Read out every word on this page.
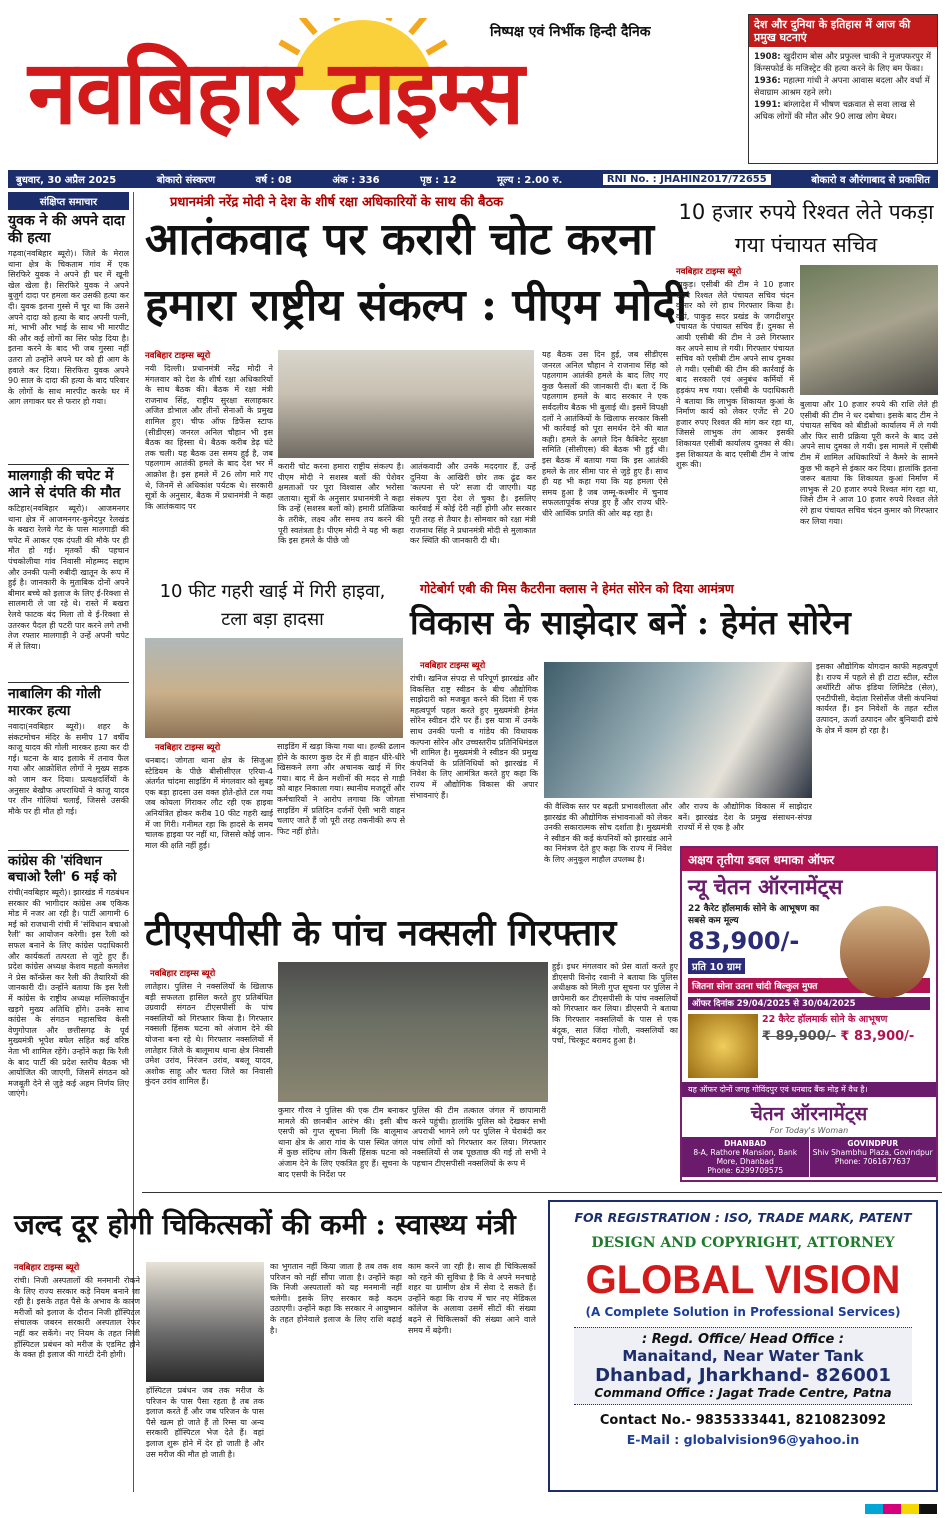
नवबिहार टाइम्स
निष्पक्ष एवं निर्भीक हिन्दी दैनिक	देश और दुनिया के इतिहास में आज की प्रमुख घटनाएं
1908: खुदीराम बोस और प्रफुल्ल चाकी ने मुजफ्फरपुर में किंग्सफोर्ड के मजिस्ट्रेट की हत्या करने के लिए बम फेंका।
1936: महात्मा गांधी ने अपना आवास बदला और वर्धा में सेवाग्राम आश्रम रहने लगे।
1991: बांग्लादेश में भीषण चक्रवात से सवा लाख से अधिक लोगों की मौत और 90 लाख लोग बेघर।
बुधवार, 30 अप्रैल 2025	बोकारो संस्करण	वर्ष : 08	अंक : 336	पृष्ठ : 12	मूल्य : 2.00 रु.	RNI No. : JHAHIN2017/72655	बोकारो व औरंगाबाद से प्रकाशित
संक्षिप्त समाचार
युवक ने की अपने दादा की हत्या
गढ़वा(नवबिहार ब्यूरो)। जिले के मेराल थाना क्षेत्र के चिकताम गांव में एक सिरफिरे युवक ने अपने ही घर में खूनी खेल खेला है। सिरफिरे युवक ने अपने बुजुर्ग दादा पर हमला कर उसकी हत्या कर दी। युवक इतना गुस्से में चूर था कि उसने अपने दादा को हत्या के बाद अपनी पत्नी, मां, भाभी और भाई के साथ भी मारपीट की और कई लोगों का सिर फोड़ दिया है। इतना करने के बाद भी जब गुस्सा नहीं उतरा तो उन्होंने अपने घर को ही आग के हवाले कर दिया। सिरफिरा युवक अपने 90 साल के दादा की हत्या के बाद परिवार के लोगों के साथ मारपीट करके घर में आग लगाकर घर से फरार हो गया।
मालगाड़ी की चपेट में आने से दंपति की मौत
कटिहार(नवबिहार ब्यूरो)। आजमनगर थाना क्षेत्र में आजमनगर-कुमेदपुर रेलखंड के बखरा रेलवे गेट के पास मालगाड़ी की चपेट में आकर एक दंपती की मौके पर ही मौत हो गई। मृतकों की पहचान पंचकोलीया गांव निवासी मोहम्मद सद्दाम और उनकी पत्नी रुबीदी खातून के रूप में हुई है। जानकारी के मुताबिक दोनों अपने बीमार बच्चे को इलाज के लिए ई-रिक्शा से सालमारी ले जा रहे थे। रास्ते में बखरा रेलवे फाटक बंद मिला तो वे ई-रिक्शा से उतरकर पैदल ही पटरी पार करने लगे तभी तेज रफ्तार मालगाड़ी ने उन्हें अपनी चपेट में ले लिया।
नाबालिग की गोली मारकर हत्या
नवादा(नवबिहार ब्यूरो)। शहर के संकटमोचन मंदिर के समीप 17 वर्षीय काजू यादव की गोली मारकर हत्या कर दी गई। घटना के बाद इलाके में तनाव फैल गया और आक्रोशित लोगों ने मुख्य सड़क को जाम कर दिया। प्रत्यक्षदर्शियों के अनुसार बेखौफ अपराधियों ने काजू यादव पर तीन गोलियां चलाईं, जिससे उसकी मौके पर ही मौत हो गई।
कांग्रेस की 'संविधान बचाओ रैली' 6 मई को
रांची(नवबिहार ब्यूरो)। झारखंड में गठबंधन सरकार की भागीदार कांग्रेस अब एकिक मोड में नजर आ रही है। पार्टी आगामी 6 मई को राजधानी रांची में 'संविधान बचाओ रैली' का आयोजन करेगी। इस रैली को सफल बनाने के लिए कांग्रेस पदाधिकारी और कार्यकर्ता तत्परता से जुटे हुए हैं। प्रदेश कांग्रेस अध्यक्ष केशव महतो कमलेश ने प्रेस कॉन्फ्रेंस कर रैली की तैयारियों की जानकारी दी। उन्होंने बताया कि इस रैली में कांग्रेस के राष्ट्रीय अध्यक्ष मल्लिकार्जुन खड़गे मुख्य अतिथि होंगे। उनके साथ कांग्रेस के संगठन महासचिव केसी वेणुगोपाल और छत्तीसगढ़ के पूर्व मुख्यमंत्री भूपेश बघेल सहित कई वरिष्ठ नेता भी शामिल रहेंगे। उन्होंने कहा कि रैली के बाद पार्टी की प्रदेश स्तरीय बैठक भी आयोजित की जाएगी, जिसमें संगठन को मजबूती देने से जुड़े कई अहम निर्णय लिए जाएंगे।
प्रधानमंत्री नरेंद्र मोदी ने देश के शीर्ष रक्षा अधिकारियों के साथ की बैठक
आतंकवाद पर करारी चोट करना
हमारा राष्ट्रीय संकल्प : पीएम मोदी
नवबिहार टाइम्स ब्यूरो
नयी दिल्ली। प्रधानमंत्री नरेंद्र मोदी ने मंगलवार को देश के शीर्ष रक्षा अधिकारियों के साथ बैठक की। बैठक में रक्षा मंत्री राजनाथ सिंह, राष्ट्रीय सुरक्षा सलाहकार अजित डोभाल और तीनों सेनाओं के प्रमुख शामिल हुए। चीफ ऑफ डिफेंस स्टाफ (सीडीएस) जनरल अनिल चौहान भी इस बैठक का हिस्सा थे। बैठक करीब डेढ़ घंटे तक चली। यह बैठक उस समय हुई है, जब पहलगाम आतंकी हमले के बाद देश भर में आक्रोश है। इस हमले में 26 लोग मारे गए थे, जिनमें से अधिकांश पर्यटक थे। सरकारी सूत्रों के अनुसार, बैठक में प्रधानमंत्री ने कहा कि आतंकवाद पर
करारी चोट करना हमारा राष्ट्रीय संकल्प है। पीएम मोदी ने सशस्त्र बलों की पेशेवर क्षमताओं पर पूरा विश्वास और भरोसा जताया। सूत्रों के अनुसार प्रधानमंत्री ने कहा कि उन्हें (सशस्त्र बलों को) हमारी प्रतिक्रिया के तरीके, लक्ष्य और समय तय करने की पूरी स्वतंत्रता है। पीएम मोदी ने यह भी कहा कि इस हमले के पीछे जो
आतंकवादी और उनके मददगार हैं, उन्हें दुनिया के आखिरी छोर तक ढूंढ कर 'कल्पना से परे' सजा दी जाएगी। यह संकल्प पूरा देश ले चुका है। इसलिए कार्रवाई में कोई देरी नहीं होगी और सरकार पूरी तरह से तैयार है। सोमवार को रक्षा मंत्री राजनाथ सिंह ने प्रधानमंत्री मोदी से मुलाकात कर स्थिति की जानकारी दी थी।
यह बैठक उस दिन हुई, जब सीडीएस जनरल अनिल चौहान ने राजनाथ सिंह को पहलगाम आतंकी हमले के बाद लिए गए कुछ फैसलों की जानकारी दी। बता दें कि पहलगाम हमले के बाद सरकार ने एक सर्वदलीय बैठक भी बुलाई थी। इसमें विपक्षी दलों ने आतंकियों के खिलाफ सरकार किसी भी कार्रवाई को पूरा समर्थन देने की बात कही। हमले के अगले दिन कैबिनेट सुरक्षा समिति (सीसीएस) की बैठक भी हुई थी। इस बैठक में बताया गया कि इस आतंकी हमले के तार सीमा पार से जुड़े हुए हैं। साथ ही यह भी कहा गया कि यह हमला ऐसे समय हुआ है जब जम्मू-कश्मीर में चुनाव सफलतापूर्वक संपन्न हुए हैं और राज्य धीरे-धीरे आर्थिक प्रगति की ओर बढ़ रहा है।
10 हजार रुपये रिश्वत लेते पकड़ा गया पंचायत सचिव
नवबिहार टाइम्स ब्यूरो
पाकुड़। एसीबी की टीम ने 10 हजार रुपये रिश्वत लेते पंचायत सचिव चंदन कुमार को रंगे हाथ गिरफ्तार किया है। वहां, पाकुड़ सदर प्रखंड के जगदीशपुर पंचायत के पंचायत सचिव हैं। दुमका से आयी एसीबी की टीम ने उसे गिरफ्तार कर अपने साथ ले गयी। गिरफ्तार पंचायत सचिव को एसीबी टीम अपने साथ दुमका ले गयी। एसीबी की टीम की कार्रवाई के बाद सरकारी एवं अनुबंध कर्मियों में हड़कंप मच गया। एसीबी के पदाधिकारी ने बताया कि लाभुक शिकायत कुआं के निर्माण कार्य को लेकर एजेंट से 20 हजार रुपए रिश्वत की मांग कर रहा था, जिससे लाभुक तंग आकर इसकी शिकायत एसीबी कार्यालय दुमका से की। इस शिकायत के बाद एसीबी टीम ने जांच शुरू की।
बुलाया और 10 हजार रुपये की राशि लेते ही एसीबी की टीम ने धर दबोचा। इसके बाद टीम ने पंचायत सचिव को बीडीओ कार्यालय में ले गयी और फिर सारी प्रक्रिया पूरी करने के बाद उसे अपने साथ दुमका ले गयी। इस मामले में एसीबी टीम में शामिल अधिकारियों ने कैमरे के सामने कुछ भी कहने से इंकार कर दिया। हालांकि इतना जरूर बताया कि शिकायत कुआं निर्माण में लाभुक से 20 हजार रुपये रिश्वत मांग रहा था, जिसे टीम ने आज 10 हजार रुपये रिश्वत लेते रंगे हाथ पंचायत सचिव चंदन कुमार को गिरफ्तार कर लिया गया।
10 फीट गहरी खाई में गिरी हाइवा, टला बड़ा हादसा
नवबिहार टाइम्स ब्यूरो
धनबाद। जोगता थाना क्षेत्र के सिजुआ स्टेडियम के पीछे बीसीसीएल एरिया-4 अंतर्गत चांदमा साइडिंग में मंगलवार को सुबह एक बड़ा हादसा उस वक्त होते-होते टल गया जब कोयला गिराकर लौट रही एक हाइवा अनियंत्रित होकर करीब 10 फीट गहरी खाई में जा गिरी। गनीमत रहा कि हादसे के समय चालक हाइवा पर नहीं था, जिससे कोई जान-माल की क्षति नहीं हुई।
साइडिंग में खड़ा किया गया था। हल्की ढलान होने के कारण कुछ देर में ही वाहन धीरे-धीरे खिसकने लगा और अचानक खाई में गिर गया। बाद में क्रेन मशीनों की मदद से गाड़ी को बाहर निकाला गया। स्थानीय मजदूरों और कर्मचारियों ने आरोप लगाया कि जोगता साइडिंग में प्रतिदिन दर्जनों ऐसी भारी वाहन चलाए जाते हैं जो पूरी तरह तकनीकी रूप से फिट नहीं होते।
गोटेबोर्ग एबी की मिस कैटरीना क्लास ने हेमंत सोरेन को दिया आमंत्रण
विकास के साझेदार बनें : हेमंत सोरेन
नवबिहार टाइम्स ब्यूरो
रांची। खनिज संपदा से परिपूर्ण झारखंड और विकसित राष्ट्र स्वीडन के बीच औद्योगिक साझेदारी को मजबूत करने की दिशा में एक महत्वपूर्ण पहल करते हुए मुख्यमंत्री हेमंत सोरेन स्वीडन दौरे पर हैं। इस यात्रा में उनके साथ उनकी पत्नी व गांडेय की विधायक कल्पना सोरेन और उच्चस्तरीय प्रतिनिधिमंडल भी शामिल है। मुख्यमंत्री ने स्वीडन की प्रमुख कंपनियों के प्रतिनिधियों को झारखंड में निवेश के लिए आमंत्रित करते हुए कहा कि राज्य में औद्योगिक विकास की अपार संभावनाएं हैं।
की वैश्विक स्तर पर बढ़ती प्रभावशीलता और झारखंड की औद्योगिक संभावनाओं को लेकर उनकी सकारात्मक सोच दर्शाता है। मुख्यमंत्री ने स्वीडन की कई कंपनियों को झारखंड आने का निमंत्रण देते हुए कहा कि राज्य में निवेश के लिए अनुकूल माहौल उपलब्ध है।
और राज्य के औद्योगिक विकास में साझेदार बनें। झारखंड देश के प्रमुख संसाधन-संपन्न राज्यों में से एक है और
इसका औद्योगिक योगदान काफी महत्वपूर्ण है। राज्य में पहले से ही टाटा स्टील, स्टील अथॉरिटी ऑफ इंडिया लिमिटेड (सेल), एनटीपीसी, वेदांता रिसोर्सेज जैसी कंपनियां कार्यरत हैं। इन निवेशों के तहत स्टील उत्पादन, ऊर्जा उत्पादन और बुनियादी ढांचे के क्षेत्र में काम हो रहा है।
टीएसपीसी के पांच नक्सली गिरफ्तार
नवबिहार टाइम्स ब्यूरो
लातेहार। पुलिस ने नक्सलियों के खिलाफ बड़ी सफलता हासिल करते हुए प्रतिबंधित उग्रवादी संगठन टीएसपीसी के पांच नक्सलियों को गिरफ्तार किया है। गिरफ्तार नक्सली हिंसक घटना को अंजाम देने की योजना बना रहे थे। गिरफ्तार नक्सलियों में लातेहार जिले के बालूमाथ थाना क्षेत्र निवासी उमेश उरांव, निरंजन उरांव, बबलू यादव, अशोक साहू और चतरा जिले का निवासी कुंदन उरांव शामिल हैं।
कुमार गौरव ने पुलिस की एक टीम बनाकर मामले की छानबीन आरंभ की। इसी बीच एसपी को गुप्त सूचना मिली कि बालूमाथ थाना क्षेत्र के आरा गांव के पास स्थित जंगल में कुछ संदिग्ध लोग किसी हिंसक घटना को अंजाम देने के लिए एकत्रित हुए हैं। सूचना के बाद एसपी के निर्देश पर
पुलिस की टीम तत्काल जंगल में छापामारी करने पहुंची। हालांकि पुलिस को देखकर सभी अपराधी भागने लगे पर पुलिस ने घेराबंदी कर पांच लोगों को गिरफ्तार कर लिया। गिरफ्तार नक्सलियों से जब पूछताछ की गई तो सभी ने पहचान टीएसपीसी नक्सलियों के रूप में
हुई। इधर मंगलवार को प्रेस वार्ता करते हुए डीएसपी विनोद रवानी ने बताया कि पुलिस अधीक्षक को मिली गुप्त सूचना पर पुलिस ने छापेमारी कर टीएसपीसी के पांच नक्सलियों को गिरफ्तार कर लिया। डीएसपी ने बताया कि गिरफ्तार नक्सलियों के पास से एक बंदूक, सात जिंदा गोली, नक्सलियों का पर्चा, चिरकूट बरामद हुआ है।
अक्षय तृतीया डबल धमाका ऑफर
न्यू चेतन ऑरनामेंट्स
22 कैरेट हॉलमार्क सोने के आभूषण का सबसे कम मूल्य
83,900/-
प्रति 10 ग्राम
जितना सोना उतना चांदी बिल्कुल मुफ्त
ऑफर दिनांक 29/04/2025 से 30/04/2025
22 कैरेट हॉलमार्क सोने के आभूषण
₹ 89,900/- ₹ 83,900/-
यह ऑफर दोनों जगह गोविंदपुर एवं धनबाद बैंक मोड़ में वैध है।
चेतन ऑरनामेंट्स
For Today's Woman
DHANBAD
8-A, Rathore Mansion, Bank More, Dhanbad
Phone: 6299709575
GOVINDPUR
Shiv Shambhu Plaza, Govindpur
Phone: 7061677637
जल्द दूर होगी चिकित्सकों की कमी : स्वास्थ्य मंत्री
नवबिहार टाइम्स ब्यूरो
रांची। निजी अस्पतालों की मनमानी रोकने के लिए राज्य सरकार कड़े नियम बनाने जा रही है। इसके तहत पैसे के अभाव के कारण मरीजों को इलाज के दौरान निजी हॉस्पिटल संचालक जबरन सरकारी अस्पताल रेफर नहीं कर सकेंगे। नए नियम के तहत निजी हॉस्पिटल प्रबंधन को मरीज के एडमिट होने के वक्त ही इलाज की गारंटी देनी होगी।
हॉस्पिटल प्रबंधन जब तक मरीज के परिजन के पास पैसा रहता है तब तक इलाज करते हैं और जब परिजन के पास पैसे खत्म हो जाते हैं तो रिम्स या अन्य सरकारी हॉस्पिटल भेज देते हैं। वहां इलाज शुरू होने में देर हो जाती है और उस मरीज की मौत हो जाती है।
का भुगतान नहीं किया जाता है तब तक शव परिजन को नहीं सौंपा जाता है। उन्होंने कहा कि निजी अस्पतालों को यह मनमानी नहीं चलेगी। इसके लिए सरकार कड़े कदम उठाएगी। उन्होंने कहा कि सरकार ने आयुष्मान के तहत होनेवाले इलाज के लिए राशि बढ़ाई है।
काम करने जा रही है। साथ ही चिकित्सकों को रहने की सुविधा है कि वे अपने मनचाहे शहर या ग्रामीण क्षेत्र में सेवा दे सकते हैं। उन्होंने कहा कि राज्य में चार नए मेडिकल कॉलेज के अलावा उसमें सीटों की संख्या बढ़ने से चिकित्सकों की संख्या आने वाले समय में बढ़ेगी।
FOR REGISTRATION : ISO, TRADE MARK, PATENT
DESIGN AND COPYRIGHT, ATTORNEY
GLOBAL VISION
(A Complete Solution in Professional Services)
: Regd. Office/ Head Office :
Manaitand, Near Water Tank
Dhanbad, Jharkhand- 826001
Command Office : Jagat Trade Centre, Patna
Contact No.- 9835333441, 8210823092
E-Mail : globalvision96@yahoo.in
